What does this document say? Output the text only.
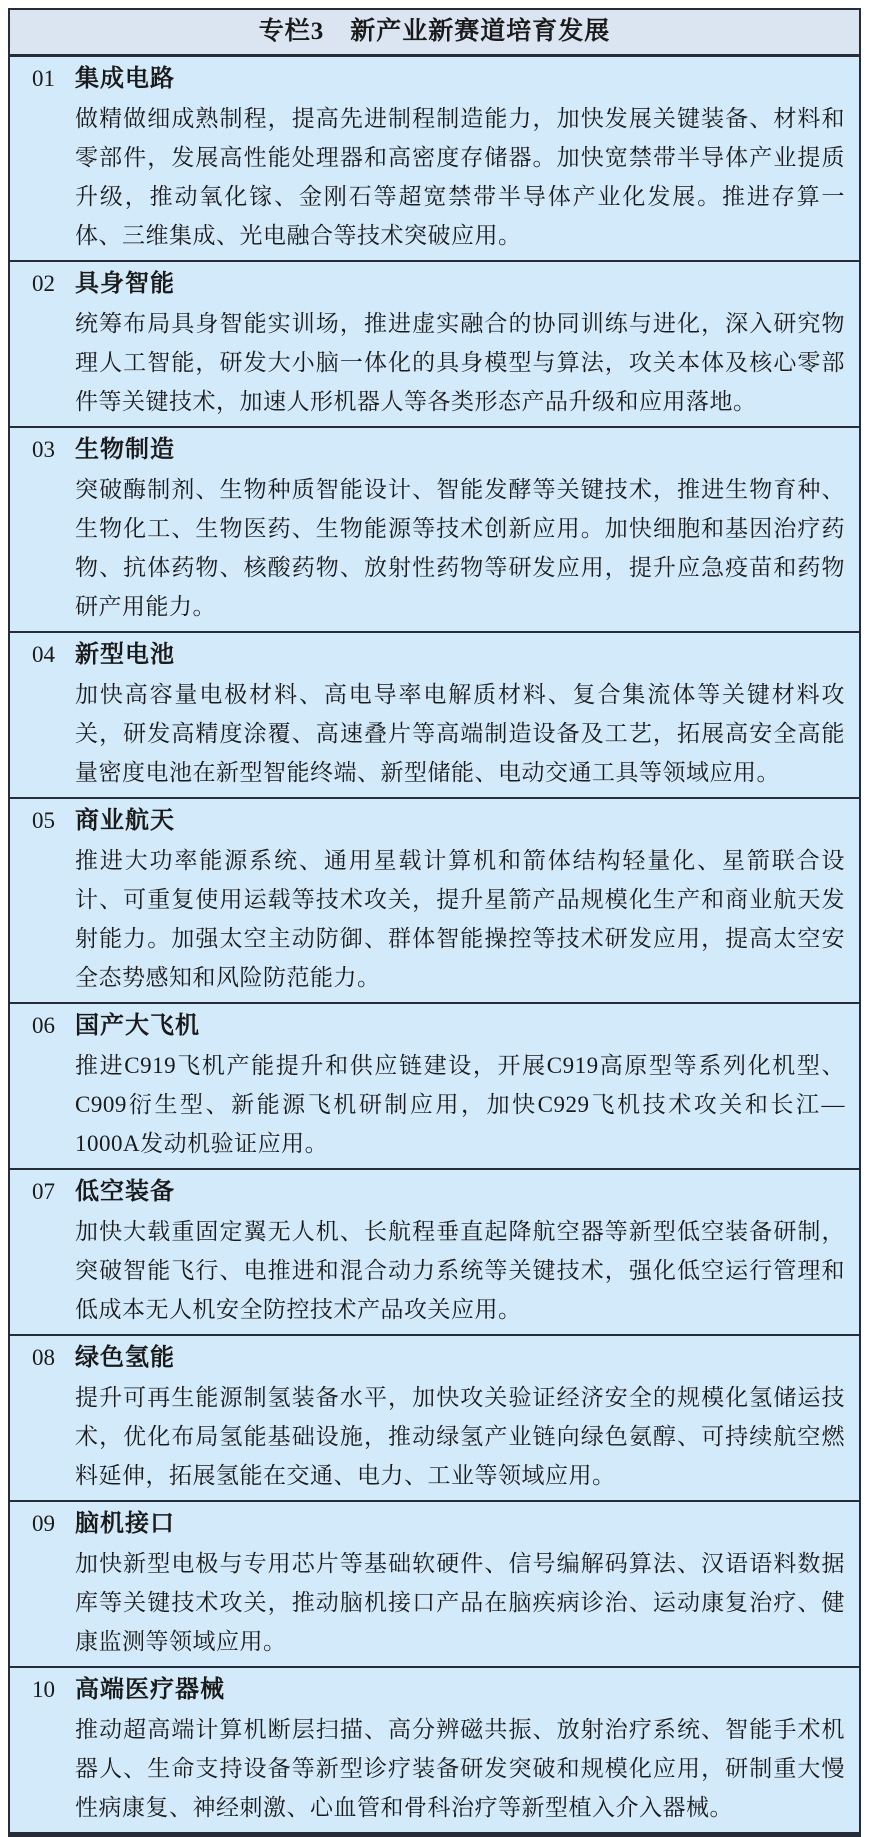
专栏3　新产业新赛道培育发展
01 集成电路

做精做细成熟制程，提高先进制程制造能力，加快发展关键装备、材料和零部件，发展高性能处理器和高密度存储器。加快宽禁带半导体产业提质升级，推动氧化镓、金刚石等超宽禁带半导体产业化发展。推进存算一体、三维集成、光电融合等技术突破应用。

02 具身智能

统筹布局具身智能实训场，推进虚实融合的协同训练与进化，深入研究物理人工智能，研发大小脑一体化的具身模型与算法，攻关本体及核心零部件等关键技术，加速人形机器人等各类形态产品升级和应用落地。

03 生物制造

突破酶制剂、生物种质智能设计、智能发酵等关键技术，推进生物育种、生物化工、生物医药、生物能源等技术创新应用。加快细胞和基因治疗药物、抗体药物、核酸药物、放射性药物等研发应用，提升应急疫苗和药物研产用能力。

04 新型电池

加快高容量电极材料、高电导率电解质材料、复合集流体等关键材料攻关，研发高精度涂覆、高速叠片等高端制造设备及工艺，拓展高安全高能量密度电池在新型智能终端、新型储能、电动交通工具等领域应用。

05 商业航天

推进大功率能源系统、通用星载计算机和箭体结构轻量化、星箭联合设计、可重复使用运载等技术攻关，提升星箭产品规模化生产和商业航天发射能力。加强太空主动防御、群体智能操控等技术研发应用，提高太空安全态势感知和风险防范能力。

06 国产大飞机

推进C919飞机产能提升和供应链建设，开展C919高原型等系列化机型、C909衍生型、新能源飞机研制应用，加快C929飞机技术攻关和长江—1000A发动机验证应用。

07 低空装备

加快大载重固定翼无人机、长航程垂直起降航空器等新型低空装备研制，突破智能飞行、电推进和混合动力系统等关键技术，强化低空运行管理和低成本无人机安全防控技术产品攻关应用。

08 绿色氢能

提升可再生能源制氢装备水平，加快攻关验证经济安全的规模化氢储运技术，优化布局氢能基础设施，推动绿氢产业链向绿色氨醇、可持续航空燃料延伸，拓展氢能在交通、电力、工业等领域应用。

09 脑机接口

加快新型电极与专用芯片等基础软硬件、信号编解码算法、汉语语料数据库等关键技术攻关，推动脑机接口产品在脑疾病诊治、运动康复治疗、健康监测等领域应用。

10 高端医疗器械

推动超高端计算机断层扫描、高分辨磁共振、放射治疗系统、智能手术机器人、生命支持设备等新型诊疗装备研发突破和规模化应用，研制重大慢性病康复、神经刺激、心血管和骨科治疗等新型植入介入器械。
